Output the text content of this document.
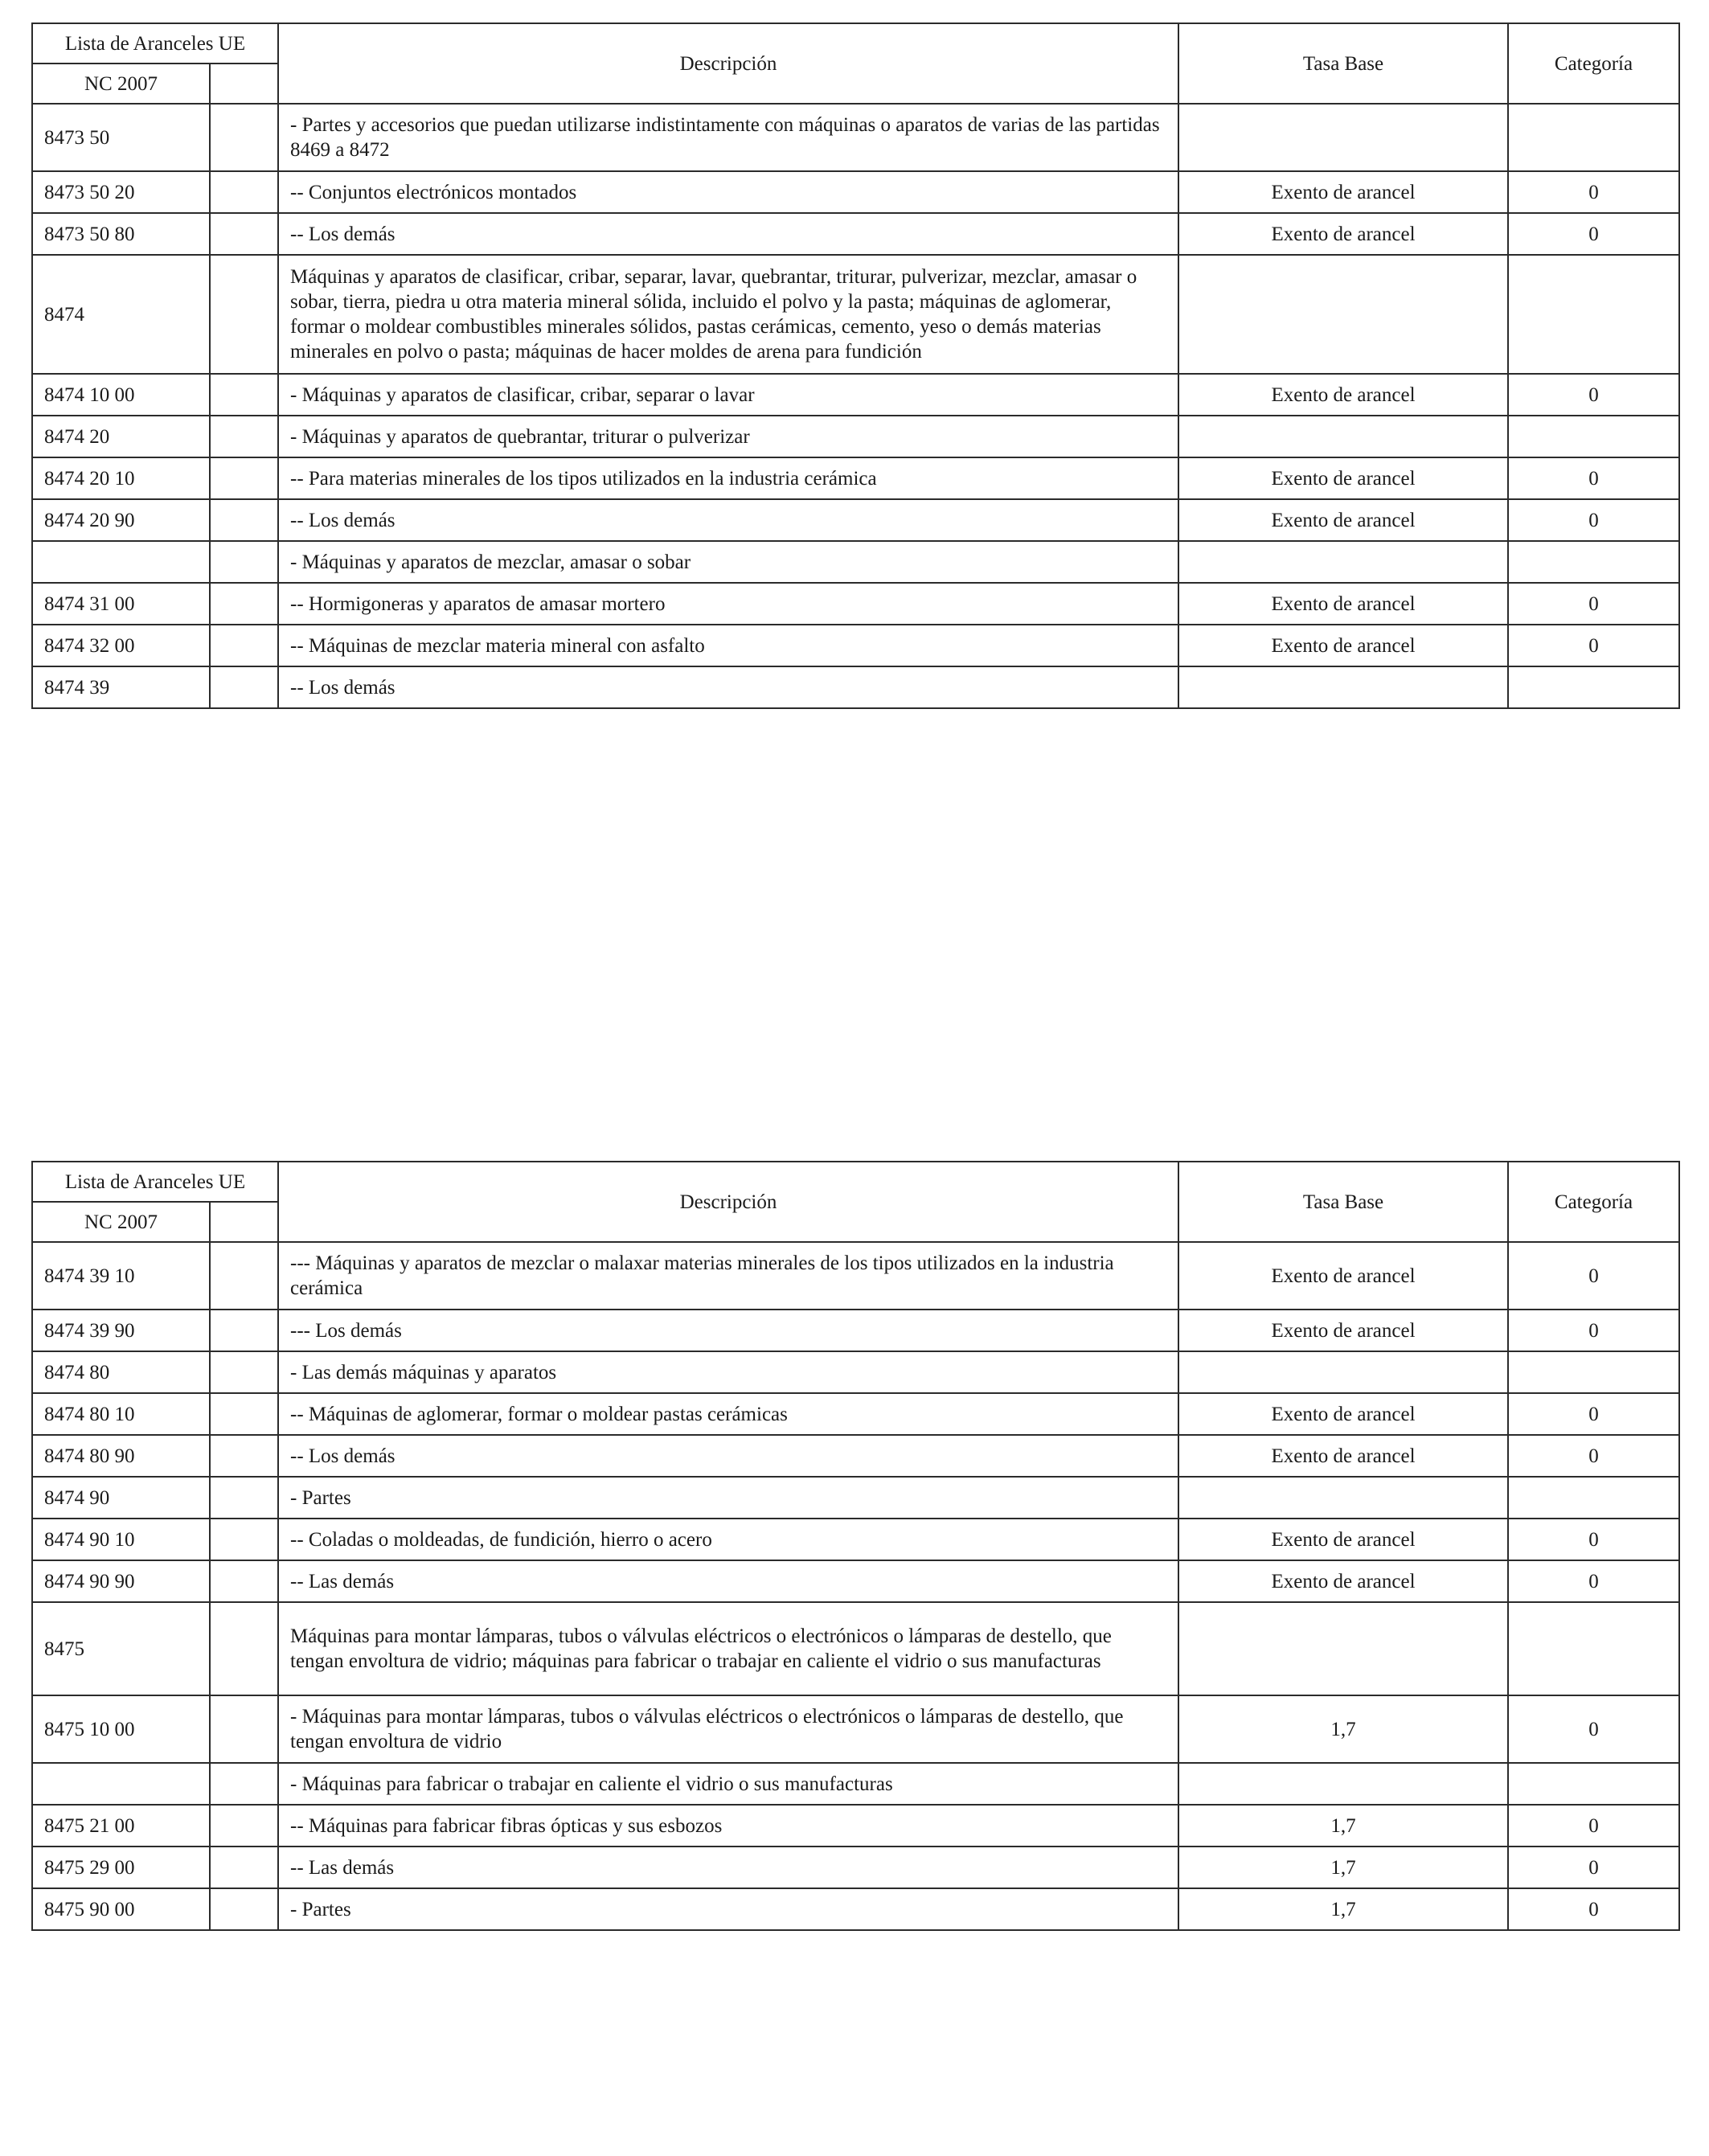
Lista de Aranceles UE		Descripción	Tasa Base	Categoría
NC 2007				
8473 50		- Partes y accesorios que puedan utilizarse indistintamente con máquinas o aparatos de varias de las partidas 8469 a 8472		
8473 50 20		-- Conjuntos electrónicos montados	Exento de arancel	0
8473 50 80		-- Los demás	Exento de arancel	0
8474		Máquinas y aparatos de clasificar, cribar, separar, lavar, quebrantar, triturar, pulverizar, mezclar, amasar o sobar, tierra, piedra u otra materia mineral sólida, incluido el polvo y la pasta; máquinas de aglomerar, formar o moldear combustibles minerales sólidos, pastas cerámicas, cemento, yeso o demás materias minerales en polvo o pasta; máquinas de hacer moldes de arena para fundición		
8474 10 00		- Máquinas y aparatos de clasificar, cribar, separar o lavar	Exento de arancel	0
8474 20		- Máquinas y aparatos de quebrantar, triturar o pulverizar		
8474 20 10		-- Para materias minerales de los tipos utilizados en la industria cerámica	Exento de arancel	0
8474 20 90		-- Los demás	Exento de arancel	0
		- Máquinas y aparatos de mezclar, amasar o sobar		
8474 31 00		-- Hormigoneras y aparatos de amasar mortero	Exento de arancel	0
8474 32 00		-- Máquinas de mezclar materia mineral con asfalto	Exento de arancel	0
8474 39		-- Los demás		
Lista de Aranceles UE		Descripción	Tasa Base	Categoría
NC 2007				
8474 39 10		--- Máquinas y aparatos de mezclar o malaxar materias minerales de los tipos utilizados en la industria cerámica	Exento de arancel	0
8474 39 90		--- Los demás	Exento de arancel	0
8474 80		- Las demás máquinas y aparatos		
8474 80 10		-- Máquinas de aglomerar, formar o moldear pastas cerámicas	Exento de arancel	0
8474 80 90		-- Los demás	Exento de arancel	0
8474 90		- Partes		
8474 90 10		-- Coladas o moldeadas, de fundición, hierro o acero	Exento de arancel	0
8474 90 90		-- Las demás	Exento de arancel	0
8475		Máquinas para montar lámparas, tubos o válvulas eléctricos o electrónicos o lámparas de destello, que tengan envoltura de vidrio; máquinas para fabricar o trabajar en caliente el vidrio o sus manufacturas		
8475 10 00		- Máquinas para montar lámparas, tubos o válvulas eléctricos o electrónicos o lámparas de destello, que tengan envoltura de vidrio	1,7	0
		- Máquinas para fabricar o trabajar en caliente el vidrio o sus manufacturas		
8475 21 00		-- Máquinas para fabricar fibras ópticas y sus esbozos	1,7	0
8475 29 00		-- Las demás	1,7	0
8475 90 00		- Partes	1,7	0
